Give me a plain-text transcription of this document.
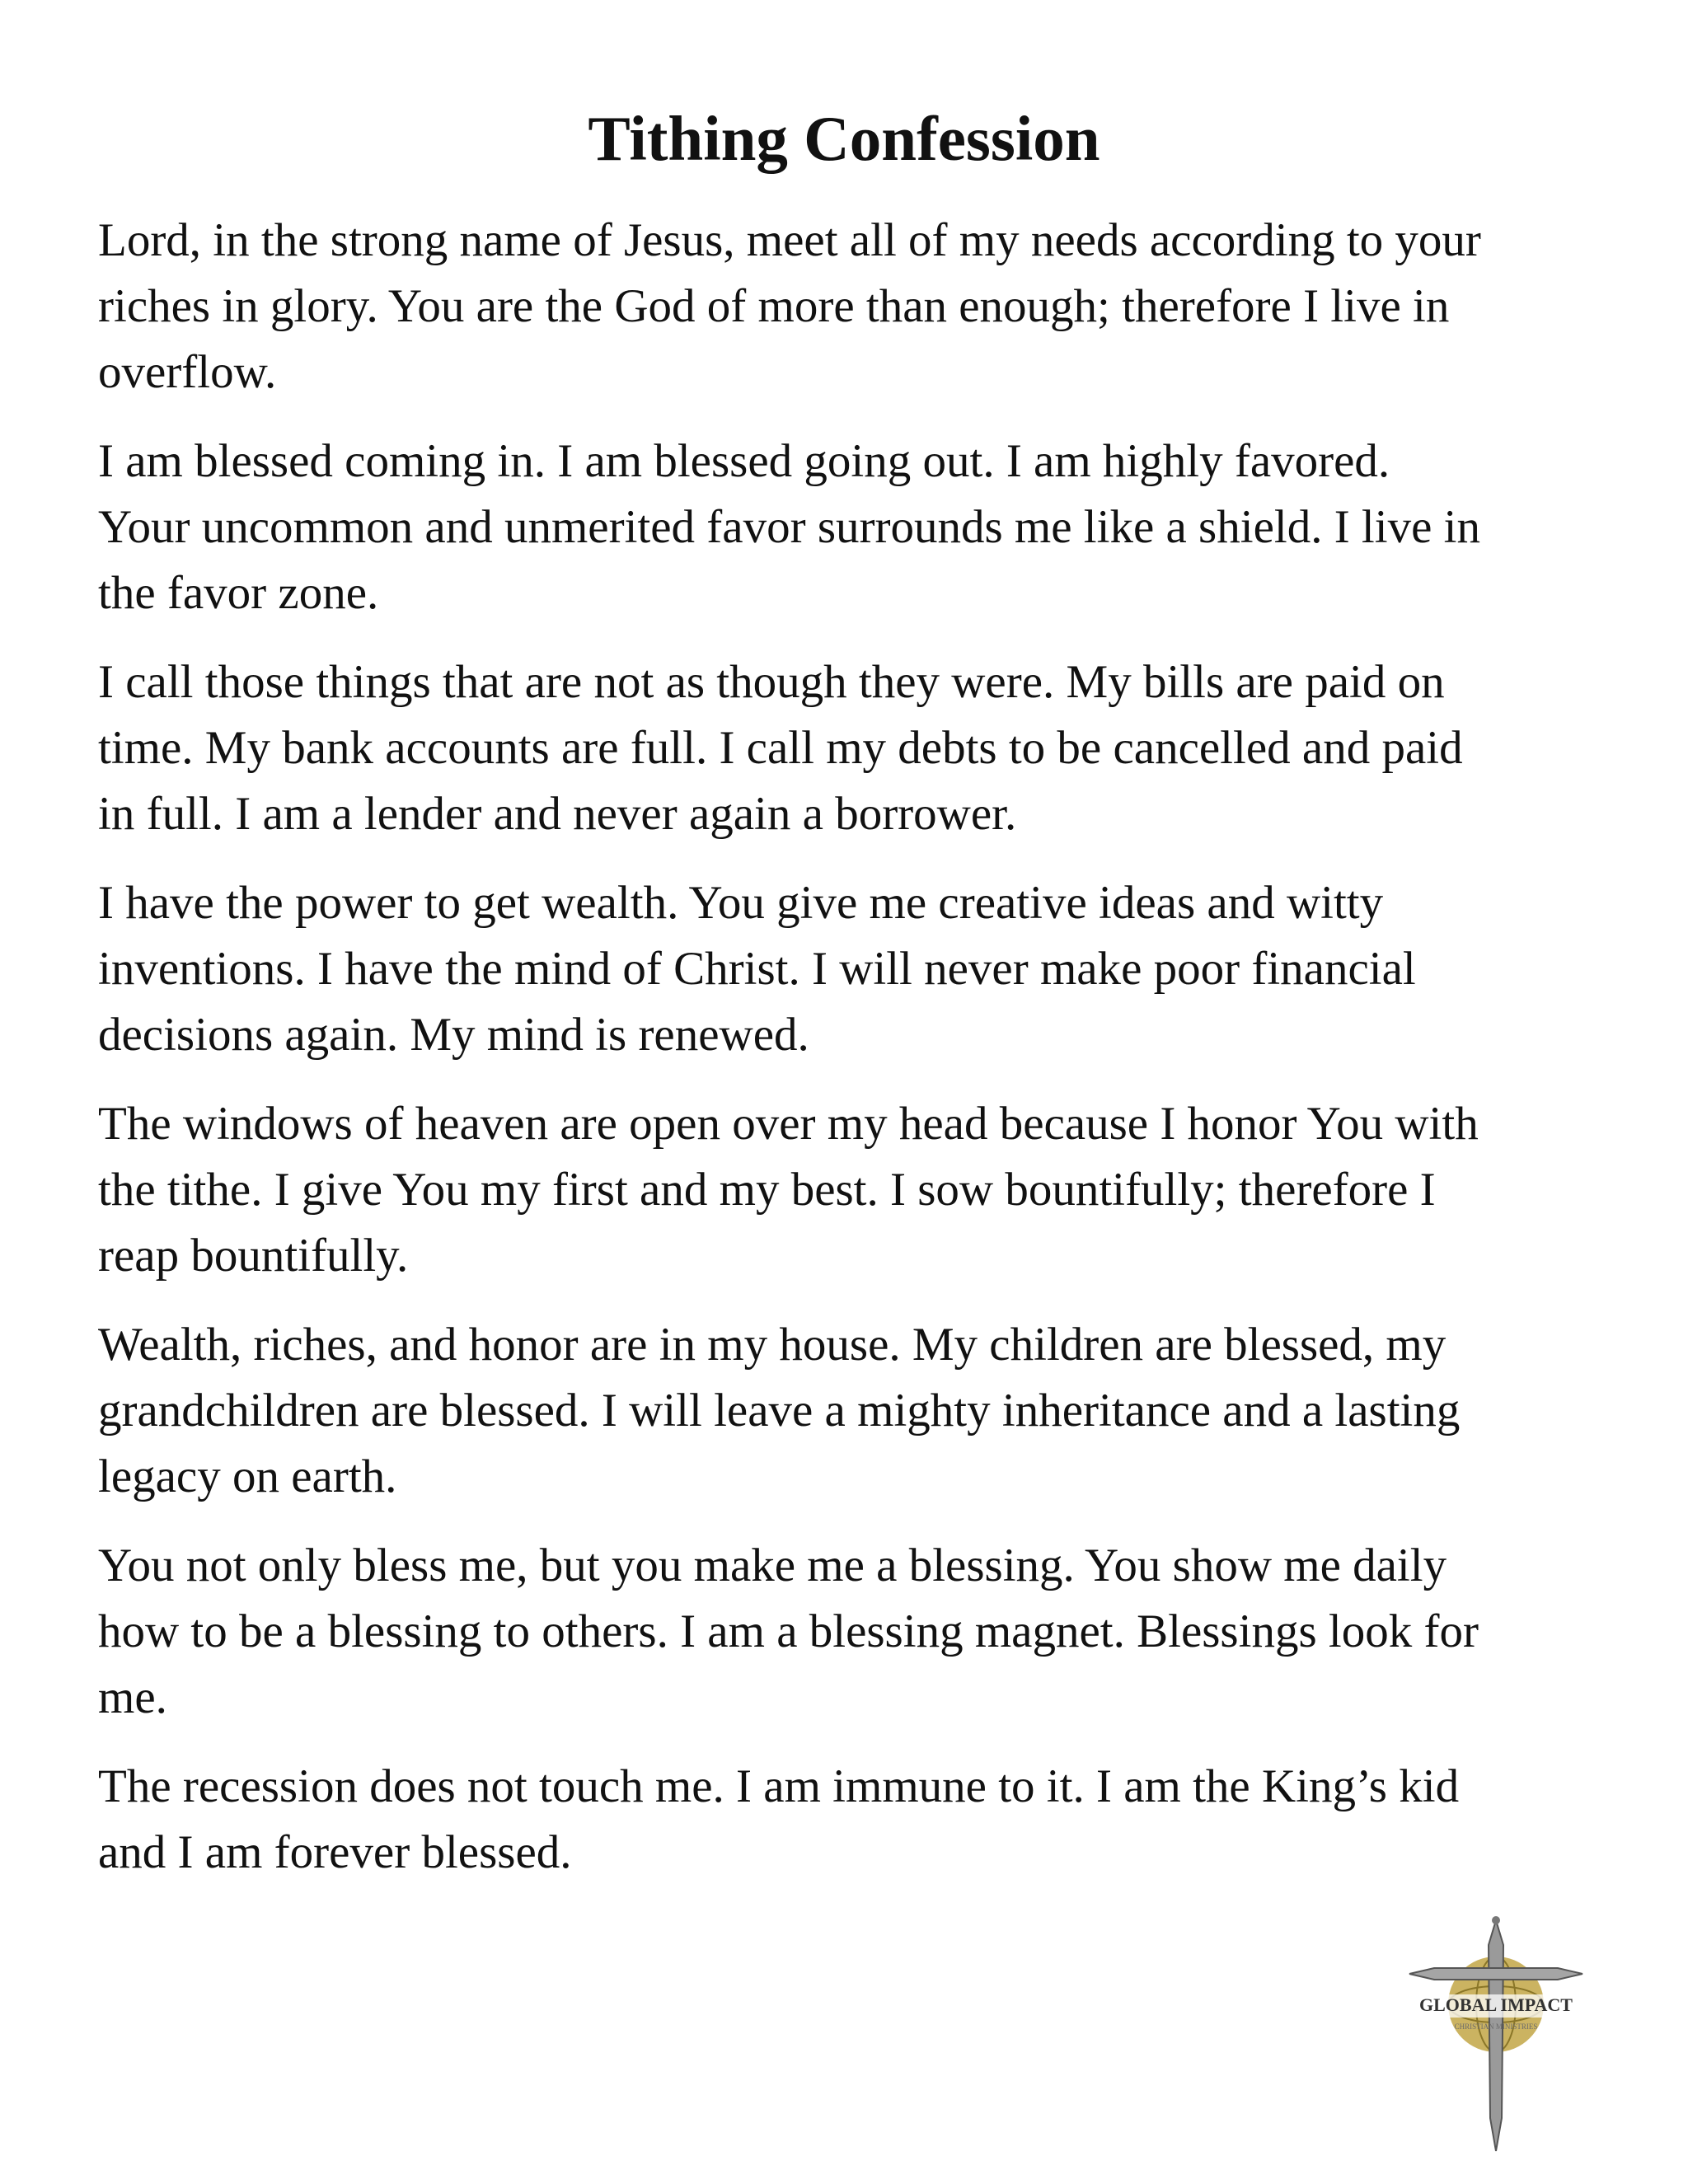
Tithing Confession

Lord, in the strong name of Jesus, meet all of my needs according to your
riches in glory. You are the God of more than enough; therefore I live in
overflow.

I am blessed coming in. I am blessed going out. I am highly favored.
Your uncommon and unmerited favor surrounds me like a shield. I live in
the favor zone.

I call those things that are not as though they were. My bills are paid on
time. My bank accounts are full. I call my debts to be cancelled and paid
in full. I am a lender and never again a borrower.

I have the power to get wealth. You give me creative ideas and witty
inventions. I have the mind of Christ. I will never make poor financial
decisions again. My mind is renewed.

The windows of heaven are open over my head because I honor You with
the tithe. I give You my first and my best. I sow bountifully; therefore I
reap bountifully.

Wealth, riches, and honor are in my house. My children are blessed, my
grandchildren are blessed. I will leave a mighty inheritance and a lasting
legacy on earth.

You not only bless me, but you make me a blessing. You show me daily
how to be a blessing to others. I am a blessing magnet. Blessings look for
me.

The recession does not touch me. I am immune to it. I am the King’s kid
and I am forever blessed.

GLOBAL IMPACT
CHRISTIAN MINISTRIES
